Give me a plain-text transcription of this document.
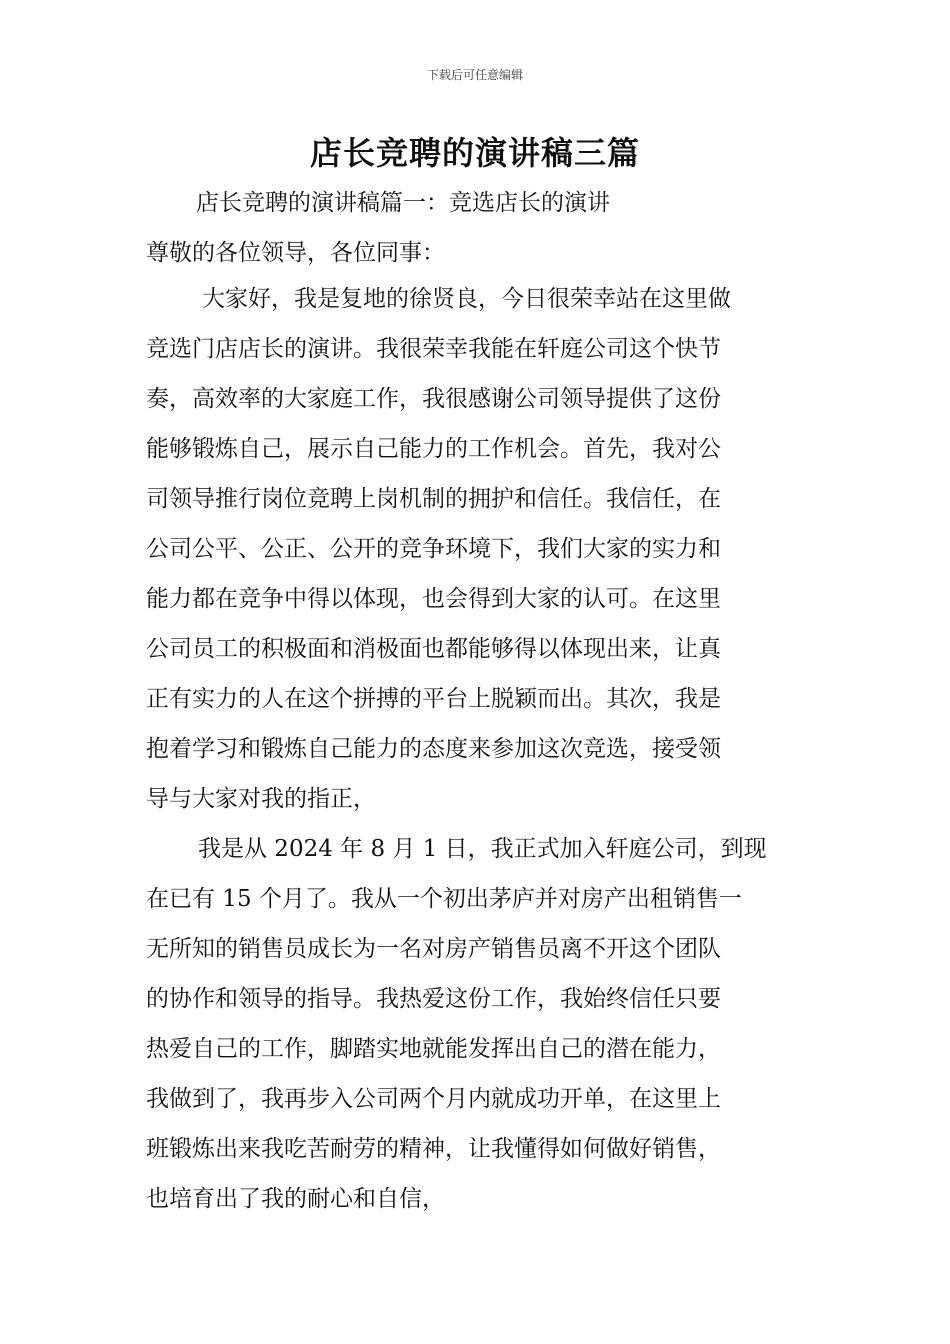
下载后可任意编辑
店长竞聘的演讲稿三篇
店长竞聘的演讲稿篇一：竞选店长的演讲
尊敬的各位领导，各位同事：
大家好，我是复地的徐贤良，今日很荣幸站在这里做
竞选门店店长的演讲。我很荣幸我能在轩庭公司这个快节
奏，高效率的大家庭工作，我很感谢公司领导提供了这份
能够锻炼自己，展示自己能力的工作机会。首先，我对公
司领导推行岗位竞聘上岗机制的拥护和信任。我信任，在
公司公平、公正、公开的竞争环境下，我们大家的实力和
能力都在竞争中得以体现，也会得到大家的认可。在这里
公司员工的积极面和消极面也都能够得以体现出来，让真
正有实力的人在这个拼搏的平台上脱颖而出。其次，我是
抱着学习和锻炼自己能力的态度来参加这次竞选，接受领
导与大家对我的指正，
我是从 2024 年 8 月 1 日，我正式加入轩庭公司，到现
在已有 15 个月了。我从一个初出茅庐并对房产出租销售一
无所知的销售员成长为一名对房产销售员离不开这个团队
的协作和领导的指导。我热爱这份工作，我始终信任只要
热爱自己的工作，脚踏实地就能发挥出自己的潜在能力，
我做到了，我再步入公司两个月内就成功开单，在这里上
班锻炼出来我吃苦耐劳的精神，让我懂得如何做好销售，
也培育出了我的耐心和自信，
